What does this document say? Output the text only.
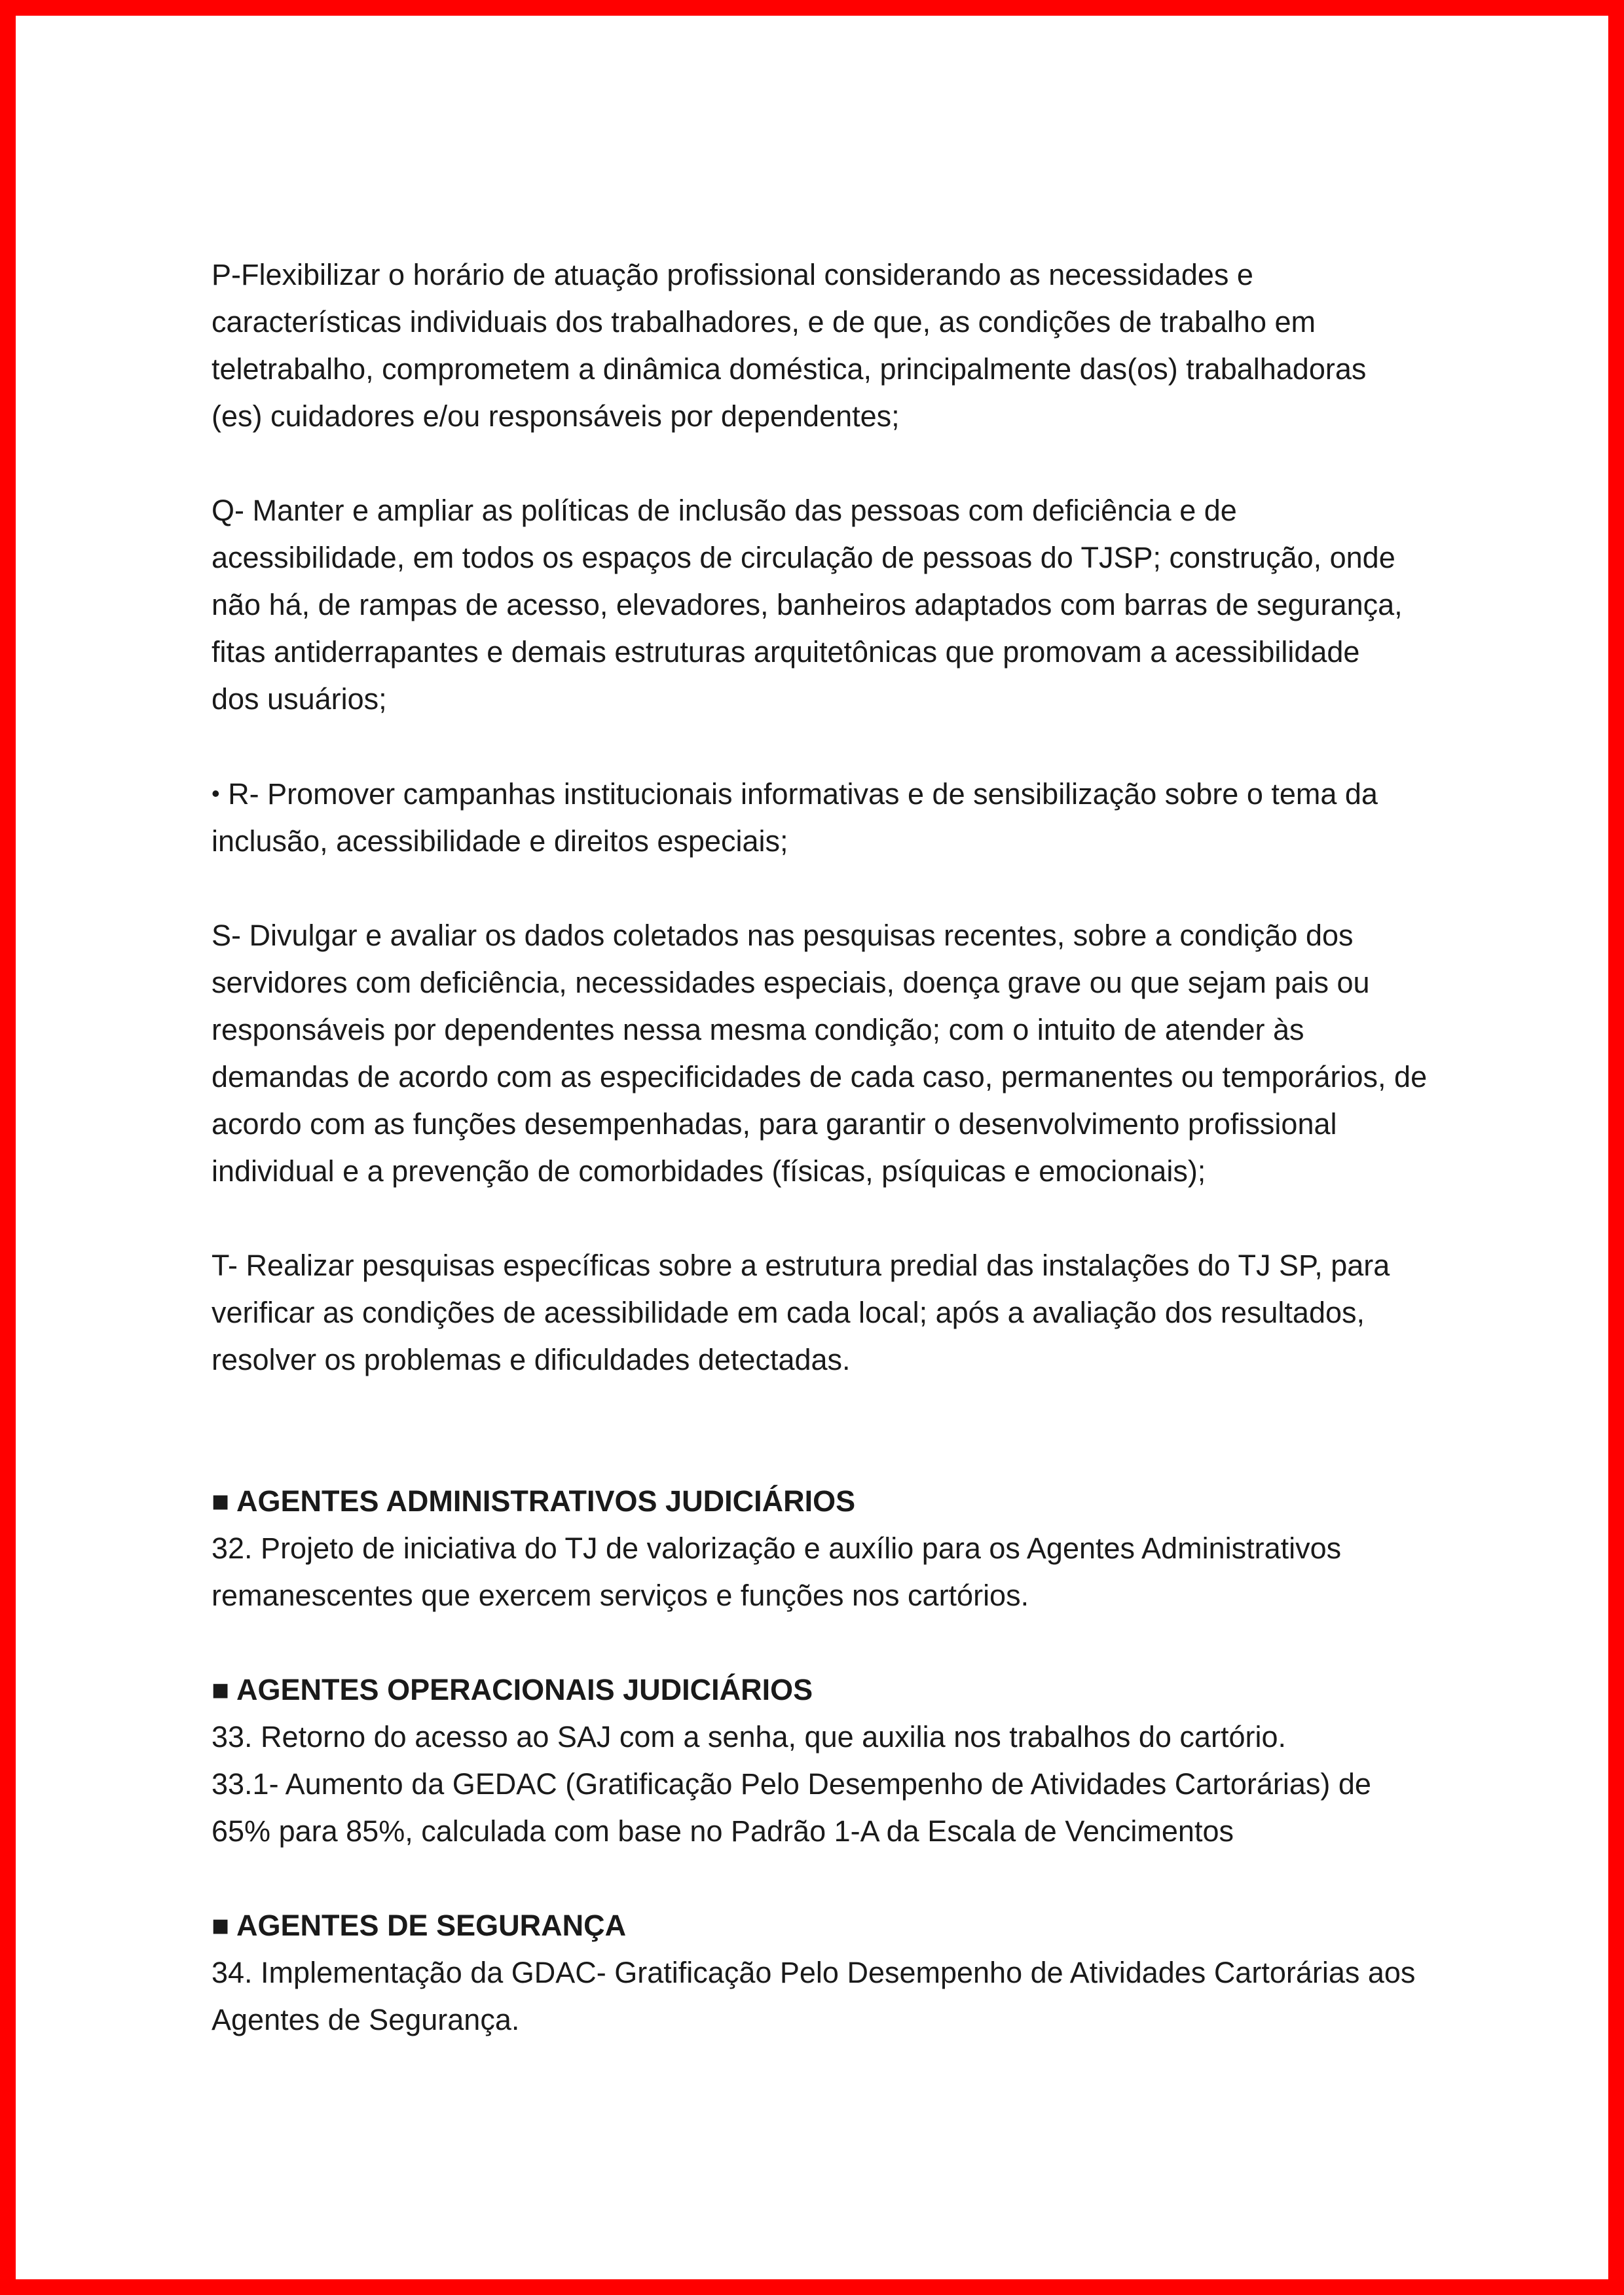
P-Flexibilizar o horário de atuação profissional considerando as necessidades e
características individuais dos trabalhadores, e de que, as condições de trabalho em
teletrabalho, comprometem a dinâmica doméstica, principalmente das(os) trabalhadoras
(es) cuidadores e/ou responsáveis por dependentes;
Q- Manter e ampliar as políticas de inclusão das pessoas com deficiência e de
acessibilidade, em todos os espaços de circulação de pessoas do TJSP; construção, onde
não há, de rampas de acesso, elevadores, banheiros adaptados com barras de segurança,
fitas antiderrapantes e demais estruturas arquitetônicas que promovam a acessibilidade
dos usuários;
• R- Promover campanhas institucionais informativas e de sensibilização sobre o tema da
inclusão, acessibilidade e direitos especiais;
S- Divulgar e avaliar os dados coletados nas pesquisas recentes, sobre a condição dos
servidores com deficiência, necessidades especiais, doença grave ou que sejam pais ou
responsáveis por dependentes nessa mesma condição; com o intuito de atender às
demandas de acordo com as especificidades de cada caso, permanentes ou temporários, de
acordo com as funções desempenhadas, para garantir o desenvolvimento profissional
individual e a prevenção de comorbidades (físicas, psíquicas e emocionais);
T- Realizar pesquisas específicas sobre a estrutura predial das instalações do TJ SP, para
verificar as condições de acessibilidade em cada local; após a avaliação dos resultados,
resolver os problemas e dificuldades detectadas.
■ AGENTES ADMINISTRATIVOS JUDICIÁRIOS
32. Projeto de iniciativa do TJ de valorização e auxílio para os Agentes Administrativos
remanescentes que exercem serviços e funções nos cartórios.
■ AGENTES OPERACIONAIS JUDICIÁRIOS
33. Retorno do acesso ao SAJ com a senha, que auxilia nos trabalhos do cartório.
33.1- Aumento da GEDAC (Gratificação Pelo Desempenho de Atividades Cartorárias) de
65% para 85%, calculada com base no Padrão 1-A da Escala de Vencimentos
■ AGENTES DE SEGURANÇA
34. Implementação da GDAC- Gratificação Pelo Desempenho de Atividades Cartorárias aos
Agentes de Segurança.
